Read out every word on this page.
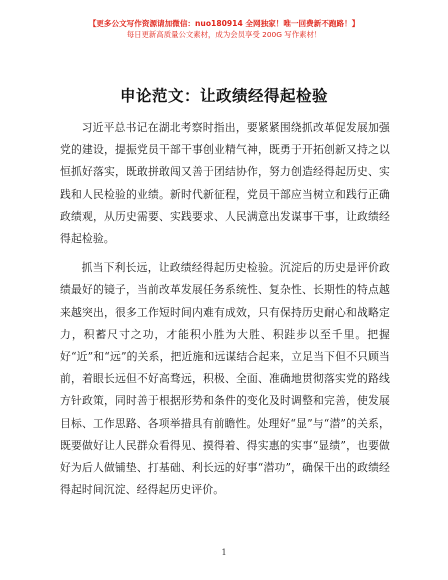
【更多公文写作资源请加微信：nuo180914 全网独家！唯一回费新不跑路！】
每日更新高质量公文素材，成为会员享受 200G 写作素材！
申论范文：让政绩经得起检验

习近平总书记在湖北考察时指出，要紧紧围绕抓改革促发展加强党的建设，提振党员干部干事创业精气神，既勇于开拓创新又持之以恒抓好落实，既敢拼敢闯又善于团结协作，努力创造经得起历史、实践和人民检验的业绩。新时代新征程，党员干部应当树立和践行正确政绩观，从历史需要、实践要求、人民满意出发谋事干事，让政绩经得起检验。

抓当下利长远，让政绩经得起历史检验。沉淀后的历史是评价政绩最好的镜子，当前改革发展任务系统性、复杂性、长期性的特点越来越突出，很多工作短时间内难有成效，只有保持历史耐心和战略定力，积蓄尺寸之功，才能积小胜为大胜、积跬步以至千里。把握好“近”和“远”的关系，把近施和远谋结合起来，立足当下但不只顾当前，着眼长远但不好高骛远，积极、全面、准确地贯彻落实党的路线方针政策，同时善于根据形势和条件的变化及时调整和完善，使发展目标、工作思路、各项举措具有前瞻性。处理好“显”与“潜”的关系，既要做好让人民群众看得见、摸得着、得实惠的实事“显绩”，也要做好为后人做铺垫、打基础、利长远的好事“潜功”，确保干出的政绩经得起时间沉淀、经得起历史评价。

1
